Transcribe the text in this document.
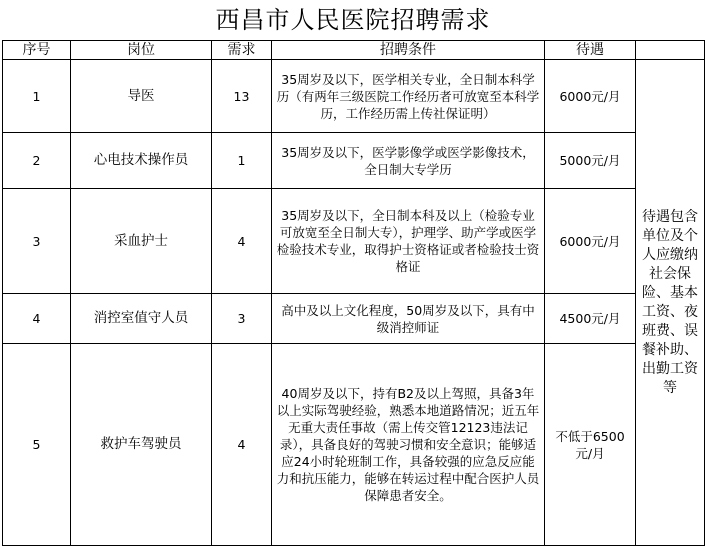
西昌市人民医院招聘需求
序号	岗位	需求	招聘条件	待遇	
1	导医	13	35周岁及以下，医学相关专业，全日制本科学历（有两年三级医院工作经历者可放宽至本科学历，工作经历需上传社保证明）	6000元/月	待遇包含单位及个人应缴纳社会保险、基本工资、夜班费、误餐补助、出勤工资等
2	心电技术操作员	1	35周岁及以下，医学影像学或医学影像技术，全日制大专学历	5000元/月	
3	采血护士	4	35周岁及以下，全日制本科及以上（检验专业可放宽至全日制大专），护理学、助产学或医学检验技术专业，取得护士资格证或者检验技士资格证	6000元/月	
4	消控室值守人员	3	高中及以上文化程度，50周岁及以下，具有中级消控师证	4500元/月	
5	救护车驾驶员	4	40周岁及以下，持有B2及以上驾照，具备3年以上实际驾驶经验，熟悉本地道路情况；近五年无重大责任事故（需上传交管12123违法记录），具备良好的驾驶习惯和安全意识；能够适应24小时轮班制工作，具备较强的应急反应能力和抗压能力，能够在转运过程中配合医护人员保障患者安全。	不低于6500元/月	
